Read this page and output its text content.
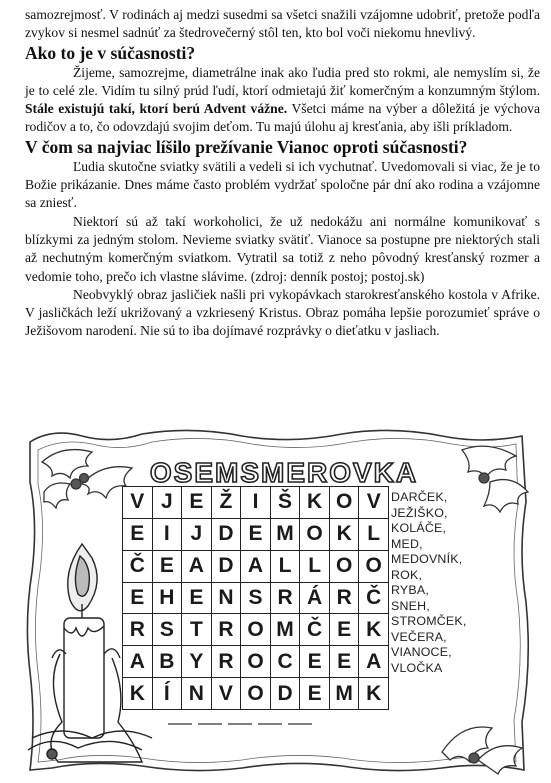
samozrejmosť. V rodinách aj medzi susedmi sa všetci snažili vzájomne udobriť, pretože podľa zvykov si nesmel sadnúť za štedrovečerný stôl ten, kto bol voči niekomu hnevlivý.

Ako to je v súčasnosti?

Žijeme, samozrejme, diametrálne inak ako ľudia pred sto rokmi, ale nemyslím si, že je to celé zle. Vidím tu silný prúd ľudí, ktorí odmietajú žiť komerčným a konzumným štýlom. Stále existujú takí, ktorí berú Advent vážne. Všetci máme na výber a dôležitá je výchova rodičov a to, čo odovzdajú svojim deťom. Tu majú úlohu aj kresťania, aby išli príkladom.

V čom sa najviac líšilo prežívanie Vianoc oproti súčasnosti?

Ľudia skutočne sviatky svätili a vedeli si ich vychutnať. Uvedomovali si viac, že je to Božie prikázanie. Dnes máme často problém vydržať spoločne pár dní ako rodina a vzájomne sa zniesť.

Niektorí sú až takí workoholici, že už nedokážu ani normálne komunikovať s blízkymi za jedným stolom. Nevieme sviatky svätiť. Vianoce sa postupne pre niektorých stali až nechutným komerčným sviatkom. Vytratil sa totiž z neho pôvodný kresťanský rozmer a vedomie toho, prečo ich vlastne slávime. (zdroj: denník postoj; postoj.sk)

Neobvyklý obraz jasličiek našli pri vykopávkach starokresťanského kostola v Afrike. V jasličkách leží ukrižovaný a vzkriesený Kristus. Obraz pomáha lepšie porozumieť správe o Ježišovom narodení. Nie sú to iba dojímavé rozprávky o dieťatku v jasliach.

OSEMSMEROVKA
V J E Ž I Š K O V
E I J D E M O K L
Č E A D A L L O O
E H E N S R Á R Č
R S T R O M Č E K
A B Y R O C E E A
K Í N V O D E M K
DARČEK,
JEŽIŠKO,
KOLÁČE,
MED,
MEDOVNÍK,
ROK,
RYBA,
SNEH,
STROMČEK,
VEČERA,
VIANOCE,
VLOČKA
